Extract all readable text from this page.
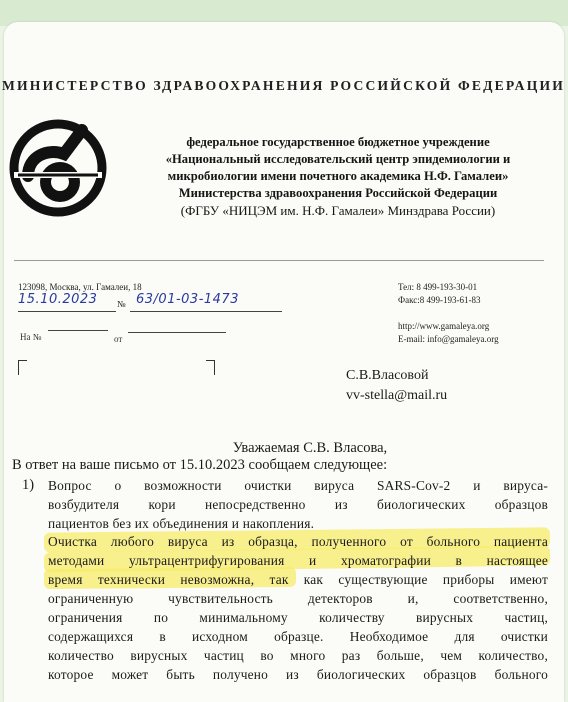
МИНИСТЕРСТВО ЗДРАВООХРАНЕНИЯ РОССИЙСКОЙ ФЕДЕРАЦИИ
федеральное государственное бюджетное учреждение
«Национальный исследовательский центр эпидемиологии и
микробиологии имени почетного академика Н.Ф. Гамалеи»
Министерства здравоохранения Российской Федерации
(ФГБУ «НИЦЭМ им. Н.Ф. Гамалеи» Минздрава России)
123098, Москва, ул. Гамалеи, 18	Тел: 8 499-193-30-01
Факс:8 499-193-61-83
15.10.2023 № 63/01-03-1473
На №	от
http://www.gamaleya.org
E-mail: info@gamaleya.org
С.В.Власовой
vv-stella@mail.ru
Уважаемая С.В. Власова,
В ответ на ваше письмо от 15.10.2023 сообщаем следующее:
1) Вопрос о возможности очистки вируса SARS-Cov-2 и вируса-
возбудителя кори непосредственно из биологических образцов
пациентов без их объединения и накопления.
Очистка любого вируса из образца, полученного от больного пациента
методами ультрацентрифугирования и хроматографии в настоящее
время технически невозможна, так как существующие приборы имеют
ограниченную чувствительность детекторов и, соответственно,
ограничения по минимальному количеству вирусных частиц,
содержащихся в исходном образце. Необходимое для очистки
количество вирусных частиц во много раз больше, чем количество,
которое может быть получено из биологических образцов больного
